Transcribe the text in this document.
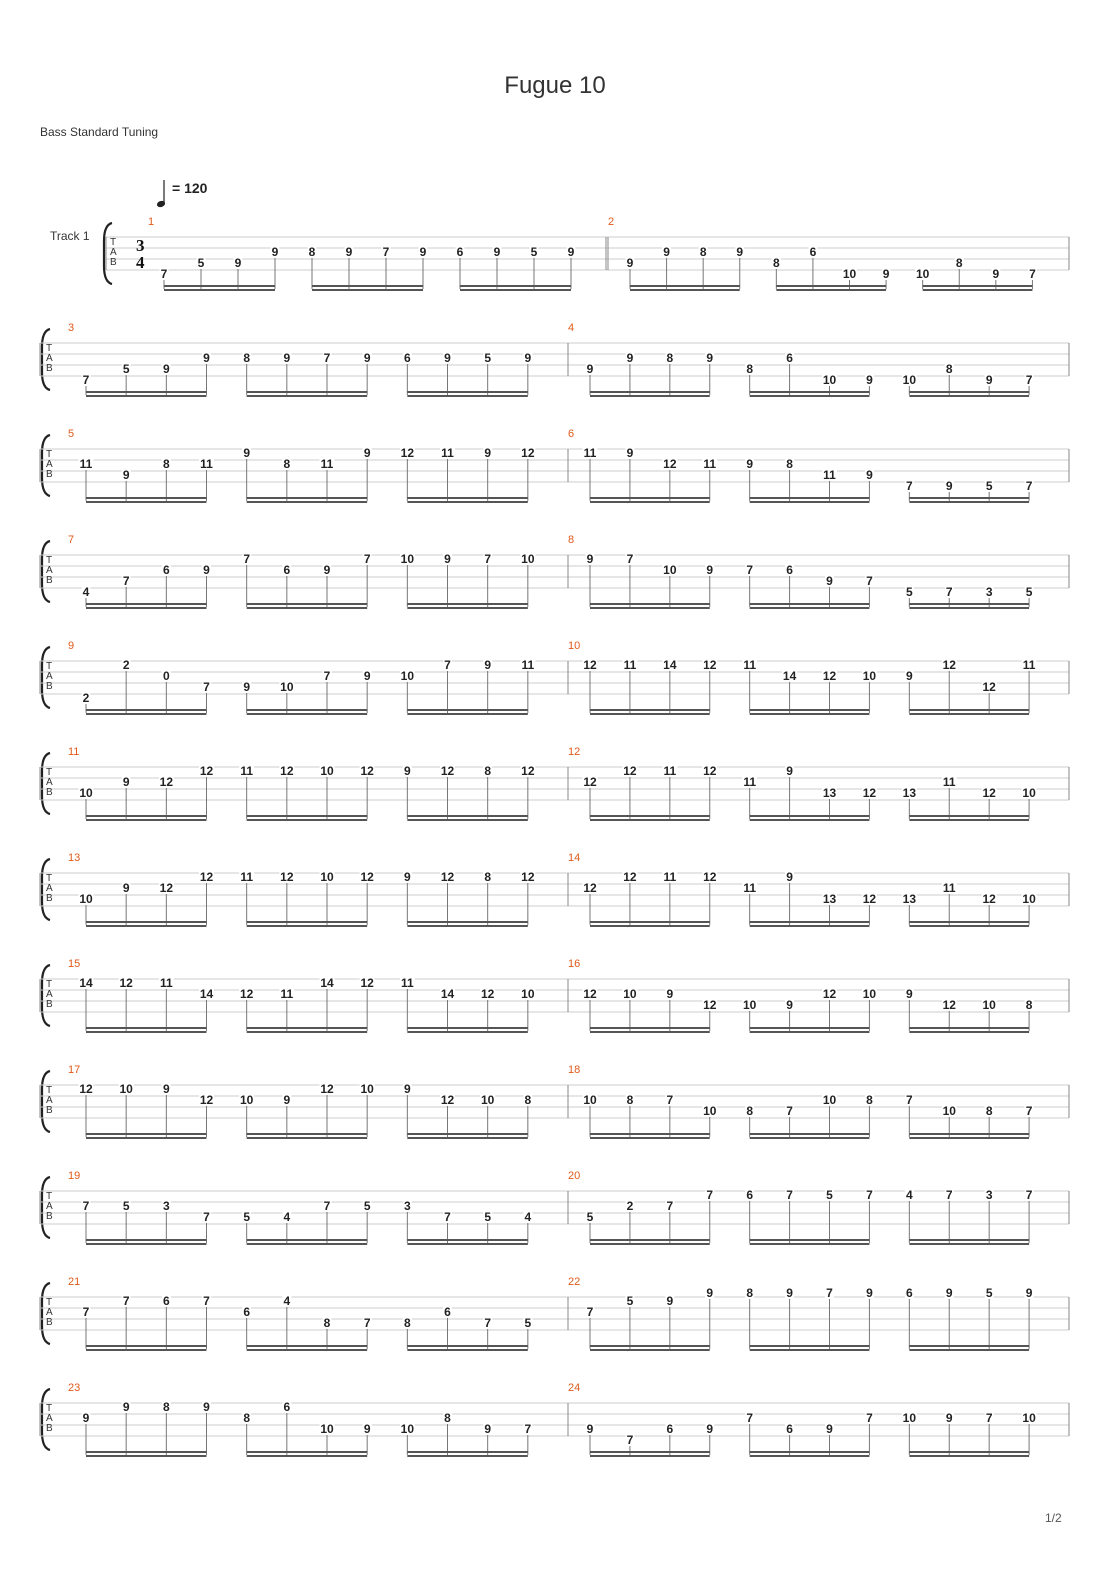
Fugue 10
Bass Standard Tuning
= 120
Track 1 T
A
B
3
4
1
7
5	9
9	8	9	7	9	6	9	5	9
2
9
9 8 9
8
6
10 9 10
8
9 7
T
A
B
3
7
5	9
9	8	9	7	9	6	9	5	9
4
9
9	8	9
8
6
10 9 10
8
9	7
T
A
B
5
11
9
8	11
9
8	11
9	12 11	9	12
6
11	9
12 11	9	8
11	9
7	9	5	7
T
A
B
7
4
7
6	9
7
6	9
7	10	9	7	10
8
9	7
10 9	7	6
9	7
5	7	3	5
T
A
B
9
2
2
0
7	9	10
7	9	10
7	9	11
10
12 11 14 12 11
14 12 10 9
12
12
11
T
A
B
11
10
9	12
12 11 12 10 12	9	12	8	12
12
12
12 11 12
11
9
13 12 13
11
12 10
T
A
B
13
10
9	12
12 11 12 10 12	9	12	8	12
14
12
12 11 12
11
9
13 12 13
11
12 10
T
A
B
15
14 12 11
14 12 11
14 12 11
14 12 10
16
12 10 9
12 10 9
12 10 9
12 10 8
T
A
B
17
12 10	9
12 10	9
12 10	9
12 10	8
18
10 8	7
10 8	7
10 8	7
10 8	7
T
A
B
19
7	5	3
7	5	4
7	5	3
7	5	4
20
5
2	7
7	6	7	5	7	4	7	3	7
T
A
B
21
7
7	6	7
6
4
8	7	8
6
7	5
22
7
5	9
9	8	9	7	9	6	9	5	9
T
A
B
23
9
9	8	9
8
6
10	9	10
8
9	7
24
9
7
6	9
7
6	9
7 10 9	7 10
1/2
